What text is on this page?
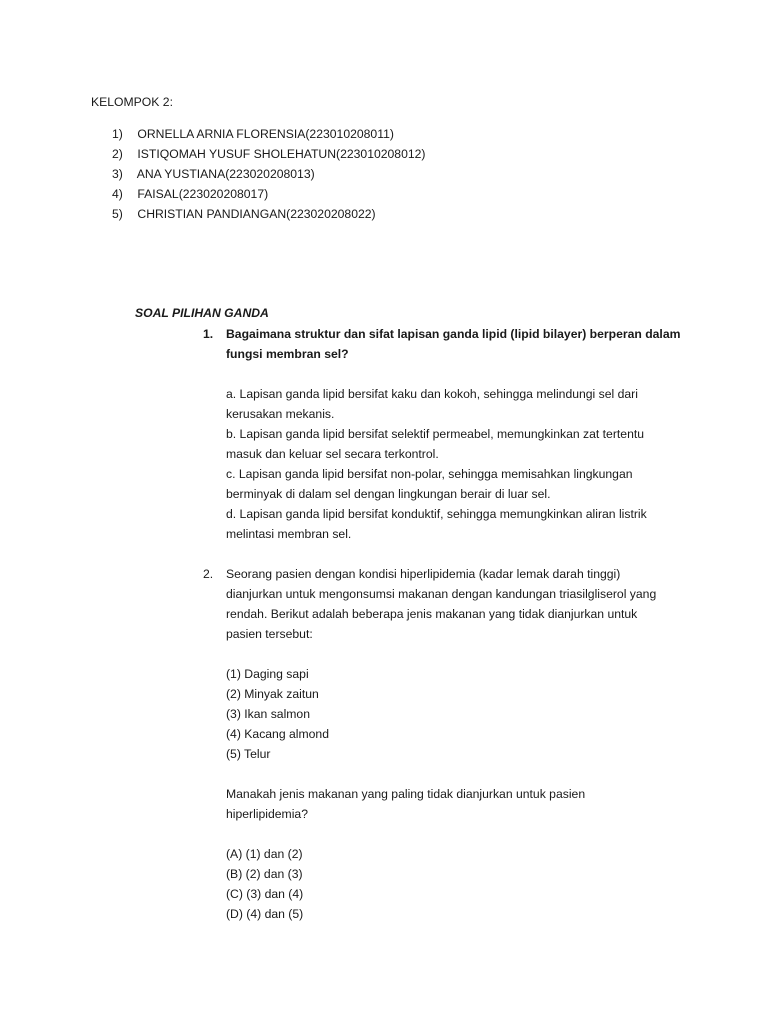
KELOMPOK 2:
1) ORNELLA ARNIA FLORENSIA(223010208011)
2) ISTIQOMAH YUSUF SHOLEHATUN(223010208012)
3) ANA YUSTIANA(223020208013)
4) FAISAL(223020208017)
5) CHRISTIAN PANDIANGAN(223020208022)
SOAL PILIHAN GANDA
1. Bagaimana struktur dan sifat lapisan ganda lipid (lipid bilayer) berperan dalam
fungsi membran sel?
a. Lapisan ganda lipid bersifat kaku dan kokoh, sehingga melindungi sel dari
kerusakan mekanis.
b. Lapisan ganda lipid bersifat selektif permeabel, memungkinkan zat tertentu
masuk dan keluar sel secara terkontrol.
c. Lapisan ganda lipid bersifat non-polar, sehingga memisahkan lingkungan
berminyak di dalam sel dengan lingkungan berair di luar sel.
d. Lapisan ganda lipid bersifat konduktif, sehingga memungkinkan aliran listrik
melintasi membran sel.
2. Seorang pasien dengan kondisi hiperlipidemia (kadar lemak darah tinggi)
dianjurkan untuk mengonsumsi makanan dengan kandungan triasilgliserol yang
rendah. Berikut adalah beberapa jenis makanan yang tidak dianjurkan untuk
pasien tersebut:
(1) Daging sapi
(2) Minyak zaitun
(3) Ikan salmon
(4) Kacang almond
(5) Telur
Manakah jenis makanan yang paling tidak dianjurkan untuk pasien
hiperlipidemia?
(A) (1) dan (2)
(B) (2) dan (3)
(C) (3) dan (4)
(D) (4) dan (5)
